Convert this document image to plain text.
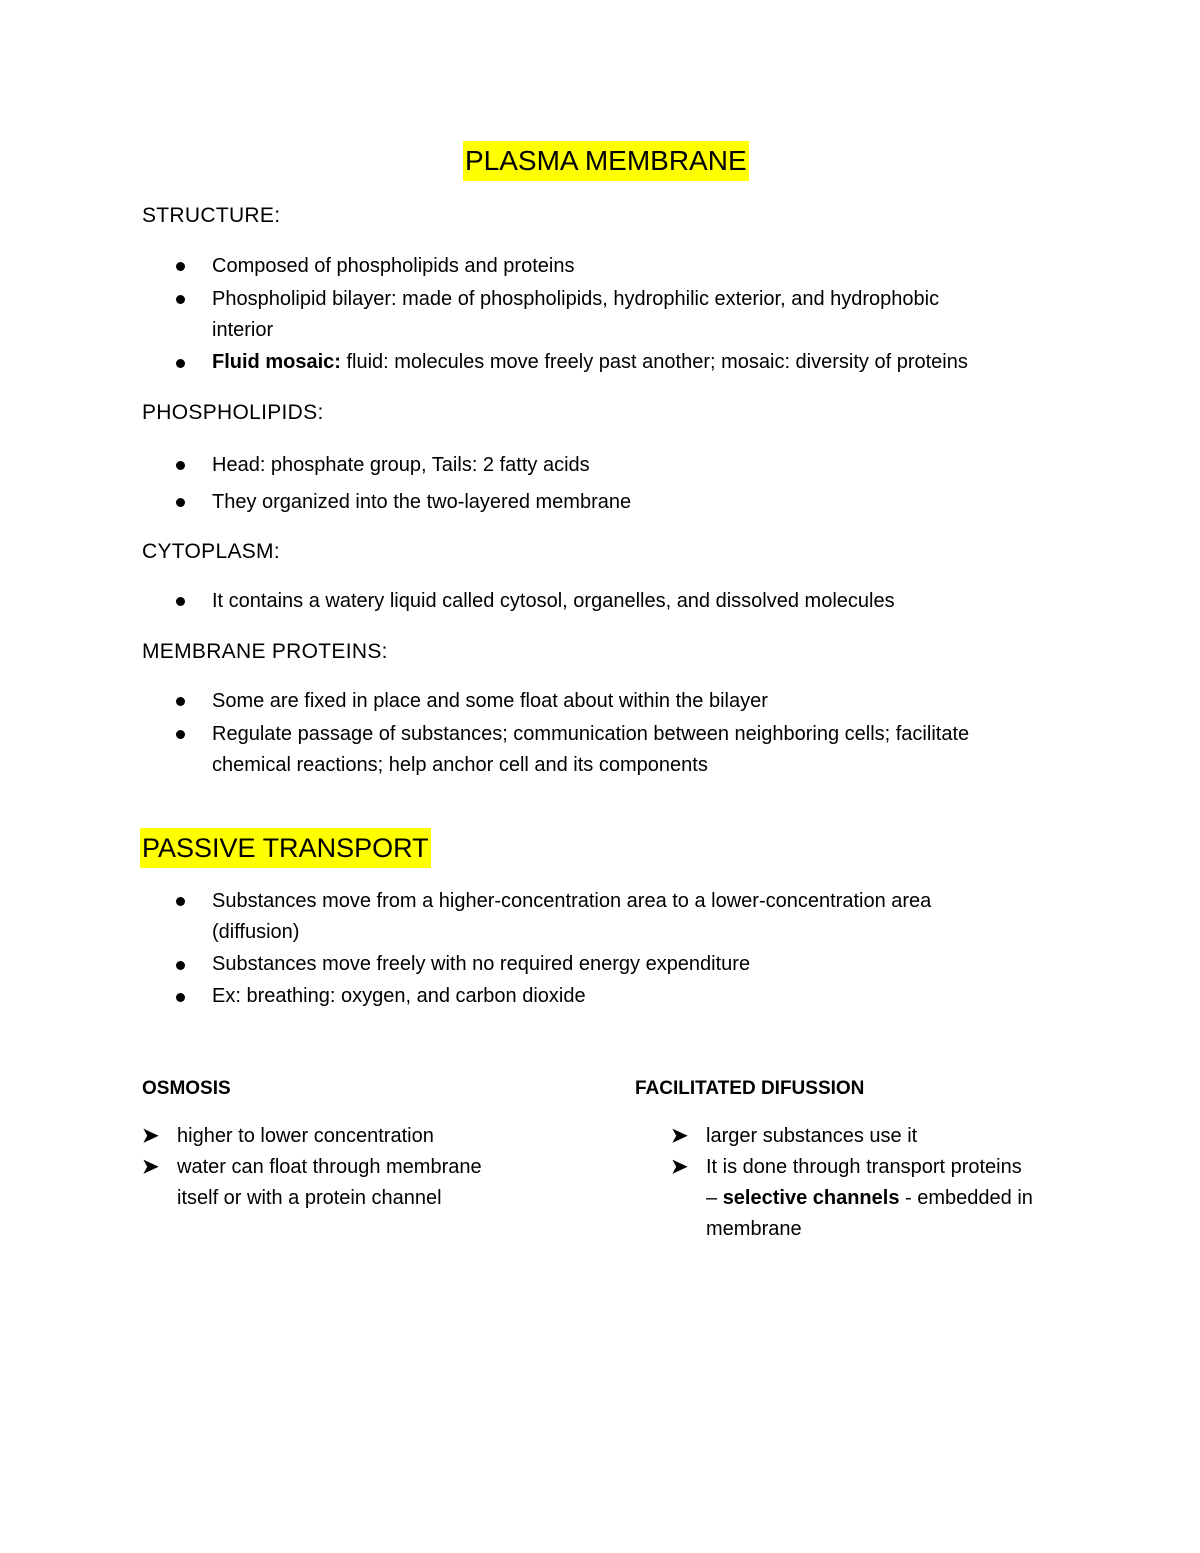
PLASMA MEMBRANE
STRUCTURE:
Composed of phospholipids and proteins
Phospholipid bilayer: made of phospholipids, hydrophilic exterior, and hydrophobic
interior
Fluid mosaic: fluid: molecules move freely past another; mosaic: diversity of proteins
PHOSPHOLIPIDS:
Head: phosphate group, Tails: 2 fatty acids
They organized into the two-layered membrane
CYTOPLASM:
It contains a watery liquid called cytosol, organelles, and dissolved molecules
MEMBRANE PROTEINS:
Some are fixed in place and some float about within the bilayer
Regulate passage of substances; communication between neighboring cells; facilitate
chemical reactions; help anchor cell and its components
PASSIVE TRANSPORT
Substances move from a higher-concentration area to a lower-concentration area
(diffusion)
Substances move freely with no required energy expenditure
Ex: breathing: oxygen, and carbon dioxide
OSMOSIS
➤ higher to lower concentration
➤ water can float through membrane
itself or with a protein channel
FACILITATED DIFUSSION
➤ larger substances use it
➤ It is done through transport proteins
– selective channels - embedded in
membrane
